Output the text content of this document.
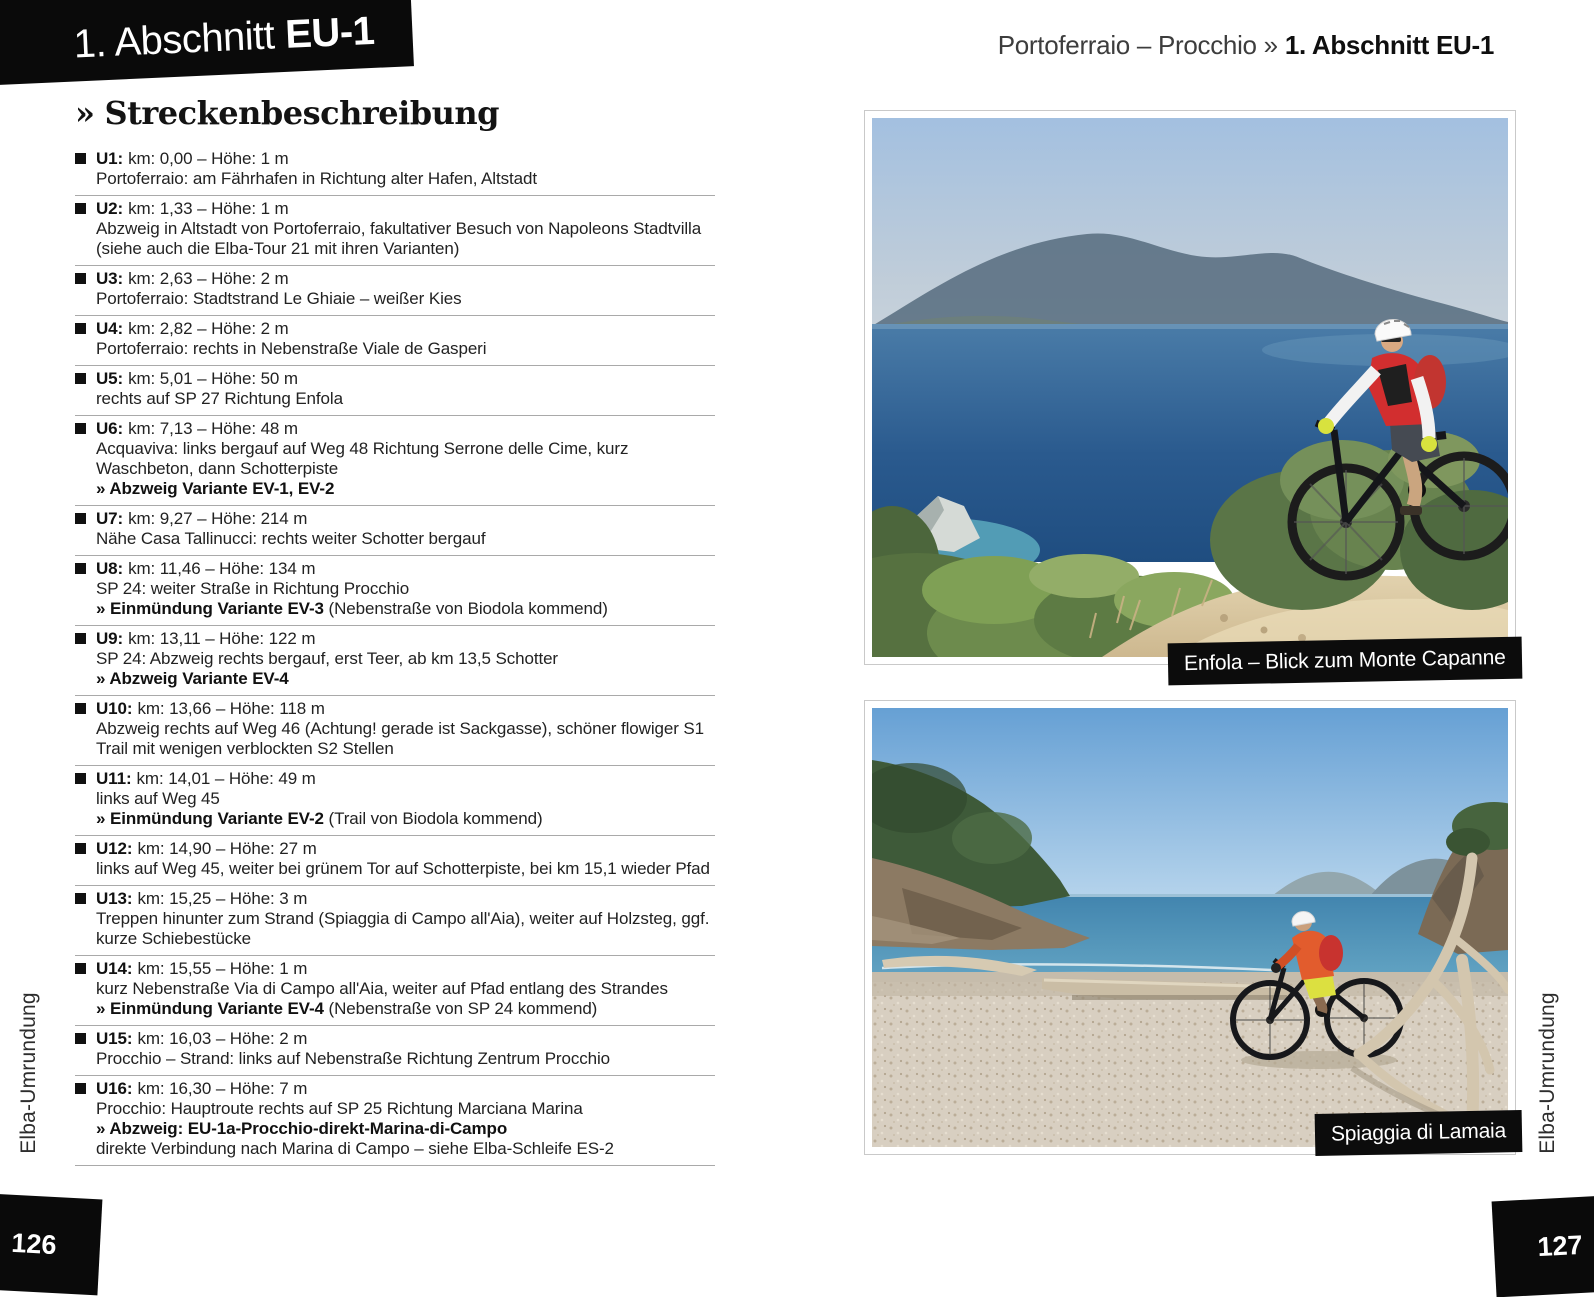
1. Abschnitt EU-1	Portoferraio – Procchio » 1. Abschnitt EU-1
» Streckenbeschreibung
U1: km: 0,00 – Höhe: 1 m
Portoferraio: am Fährhafen in Richtung alter Hafen, Altstadt
U2: km: 1,33 – Höhe: 1 m
Abzweig in Altstadt von Portoferraio, fakultativer Besuch von Napoleons Stadtvilla (siehe auch die Elba-Tour 21 mit ihren Varianten)
U3: km: 2,63 – Höhe: 2 m
Portoferraio: Stadtstrand Le Ghiaie – weißer Kies
U4: km: 2,82 – Höhe: 2 m
Portoferraio: rechts in Nebenstraße Viale de Gasperi
U5: km: 5,01 – Höhe: 50 m
rechts auf SP 27 Richtung Enfola
U6: km: 7,13 – Höhe: 48 m
Acquaviva: links bergauf auf Weg 48 Richtung Serrone delle Cime, kurz Waschbeton, dann Schotterpiste
» Abzweig Variante EV-1, EV-2
U7: km: 9,27 – Höhe: 214 m
Nähe Casa Tallinucci: rechts weiter Schotter bergauf
U8: km: 11,46 – Höhe: 134 m
SP 24: weiter Straße in Richtung Procchio
» Einmündung Variante EV-3 (Nebenstraße von Biodola kommend)
U9: km: 13,11 – Höhe: 122 m
SP 24: Abzweig rechts bergauf, erst Teer, ab km 13,5 Schotter
» Abzweig Variante EV-4
U10: km: 13,66 – Höhe: 118 m
Abzweig rechts auf Weg 46 (Achtung! gerade ist Sackgasse), schöner flowiger S1 Trail mit wenigen verblockten S2 Stellen
U11: km: 14,01 – Höhe: 49 m
links auf Weg 45
» Einmündung Variante EV-2 (Trail von Biodola kommend)
U12: km: 14,90 – Höhe: 27 m
links auf Weg 45, weiter bei grünem Tor auf Schotterpiste, bei km 15,1 wieder Pfad
U13: km: 15,25 – Höhe: 3 m
Treppen hinunter zum Strand (Spiaggia di Campo all'Aia), weiter auf Holzsteg, ggf. kurze Schiebestücke
U14: km: 15,55 – Höhe: 1 m
kurz Nebenstraße Via di Campo all'Aia, weiter auf Pfad entlang des Strandes
» Einmündung Variante EV-4 (Nebenstraße von SP 24 kommend)
U15: km: 16,03 – Höhe: 2 m
Procchio – Strand: links auf Nebenstraße Richtung Zentrum Procchio
U16: km: 16,30 – Höhe: 7 m
Procchio: Hauptroute rechts auf SP 25 Richtung Marciana Marina
» Abzweig: EU-1a-Procchio-direkt-Marina-di-Campo
direkte Verbindung nach Marina di Campo – siehe Elba-Schleife ES-2
Enfola – Blick zum Monte Capanne
Spiaggia di Lamaia
Elba-Umrundung	Elba-Umrundung
126	127
